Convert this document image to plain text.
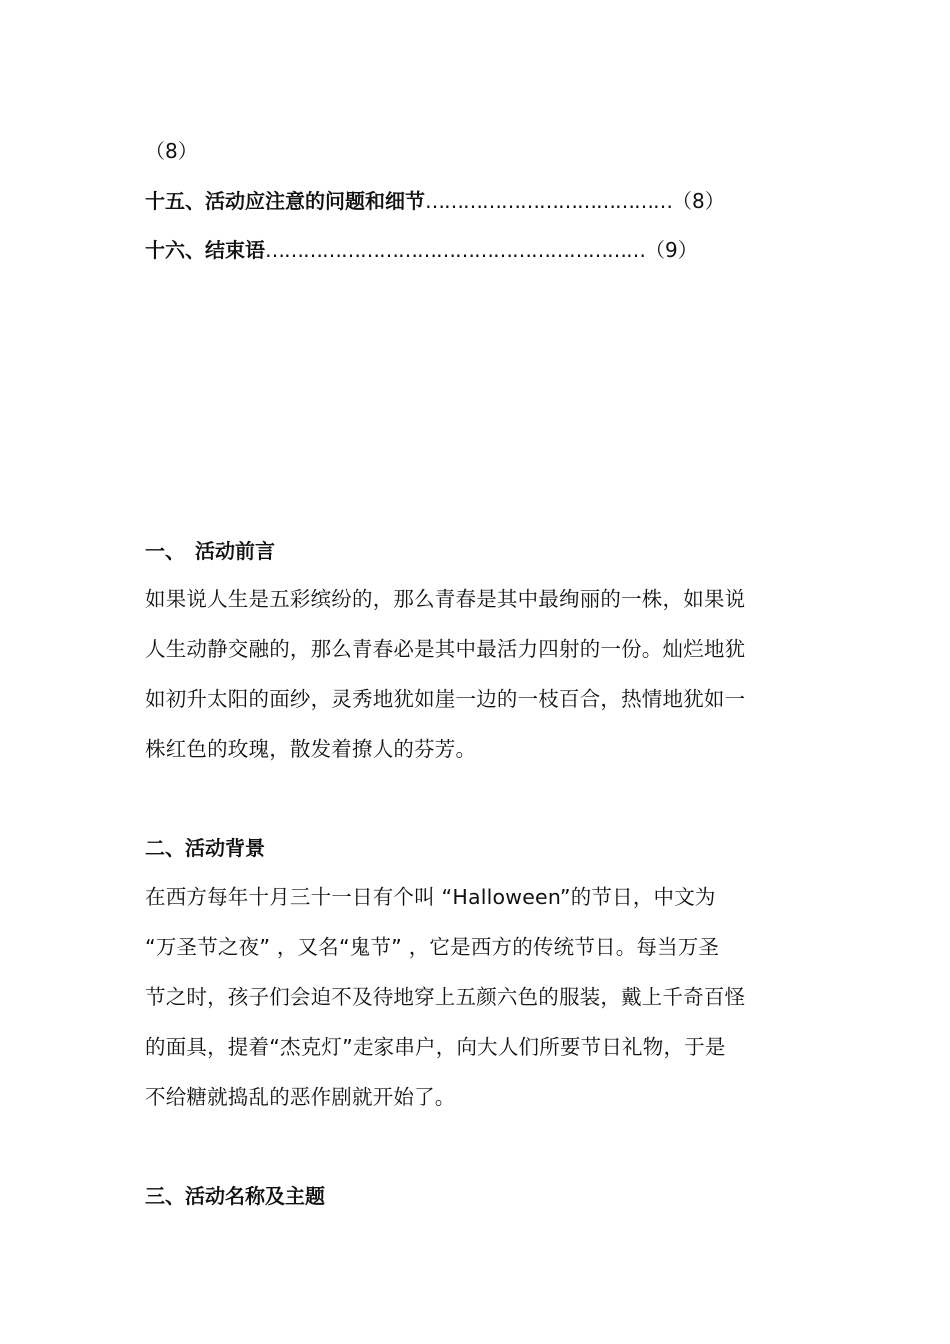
（8）
十五、活动应注意的问题和细节…………………………………（8）
十六、结束语……………………………………………………（9）
一、　活动前言
如果说人生是五彩缤纷的，那么青春是其中最绚丽的一株，如果说
人生动静交融的，那么青春必是其中最活力四射的一份。灿烂地犹
如初升太阳的面纱，灵秀地犹如崖一边的一枝百合，热情地犹如一
株红色的玫瑰，散发着撩人的芬芳。
二、活动背景
在西方每年十月三十一日有个叫 “Halloween”的节日，中文为
“万圣节之夜” ，又名“鬼节” ，它是西方的传统节日。每当万圣
节之时，孩子们会迫不及待地穿上五颜六色的服装，戴上千奇百怪
的面具，提着“杰克灯”走家串户，向大人们所要节日礼物，于是
不给糖就捣乱的恶作剧就开始了。
三、活动名称及主题
